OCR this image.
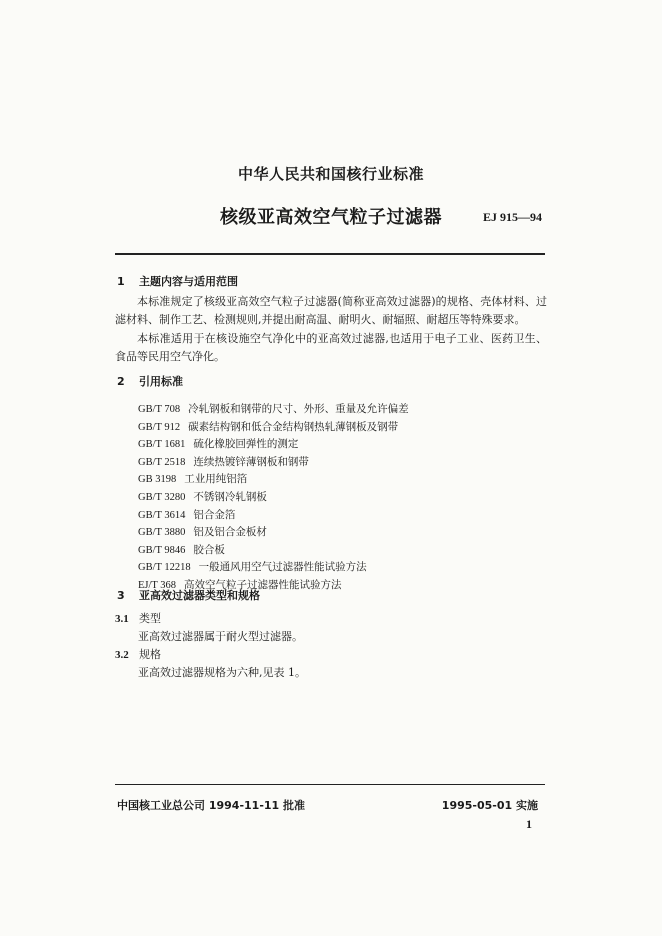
中华人民共和国核行业标准
核级亚高效空气粒子过滤器	EJ 915—94
1 主题内容与适用范围
本标准规定了核级亚高效空气粒子过滤器(简称亚高效过滤器)的规格、壳体材料、过滤材料、制作工艺、检测规则,并提出耐高温、耐明火、耐辐照、耐超压等特殊要求。
本标准适用于在核设施空气净化中的亚高效过滤器,也适用于电子工业、医药卫生、食品等民用空气净化。
2 引用标准
GB/T 708 冷轧钢板和钢带的尺寸、外形、重量及允许偏差
GB/T 912 碳素结构钢和低合金结构钢热轧薄钢板及钢带
GB/T 1681 硫化橡胶回弹性的测定
GB/T 2518 连续热镀锌薄钢板和钢带
GB 3198 工业用纯铝箔
GB/T 3280 不锈钢冷轧钢板
GB/T 3614 铝合金箔
GB/T 3880 铝及铝合金板材
GB/T 9846 胶合板
GB/T 12218 一般通风用空气过滤器性能试验方法
EJ/T 368 高效空气粒子过滤器性能试验方法
3 亚高效过滤器类型和规格
3.1 类型
亚高效过滤器属于耐火型过滤器。
3.2 规格
亚高效过滤器规格为六种,见表 1。
中国核工业总公司 1994-11-11 批准	1995-05-01 实施
1
